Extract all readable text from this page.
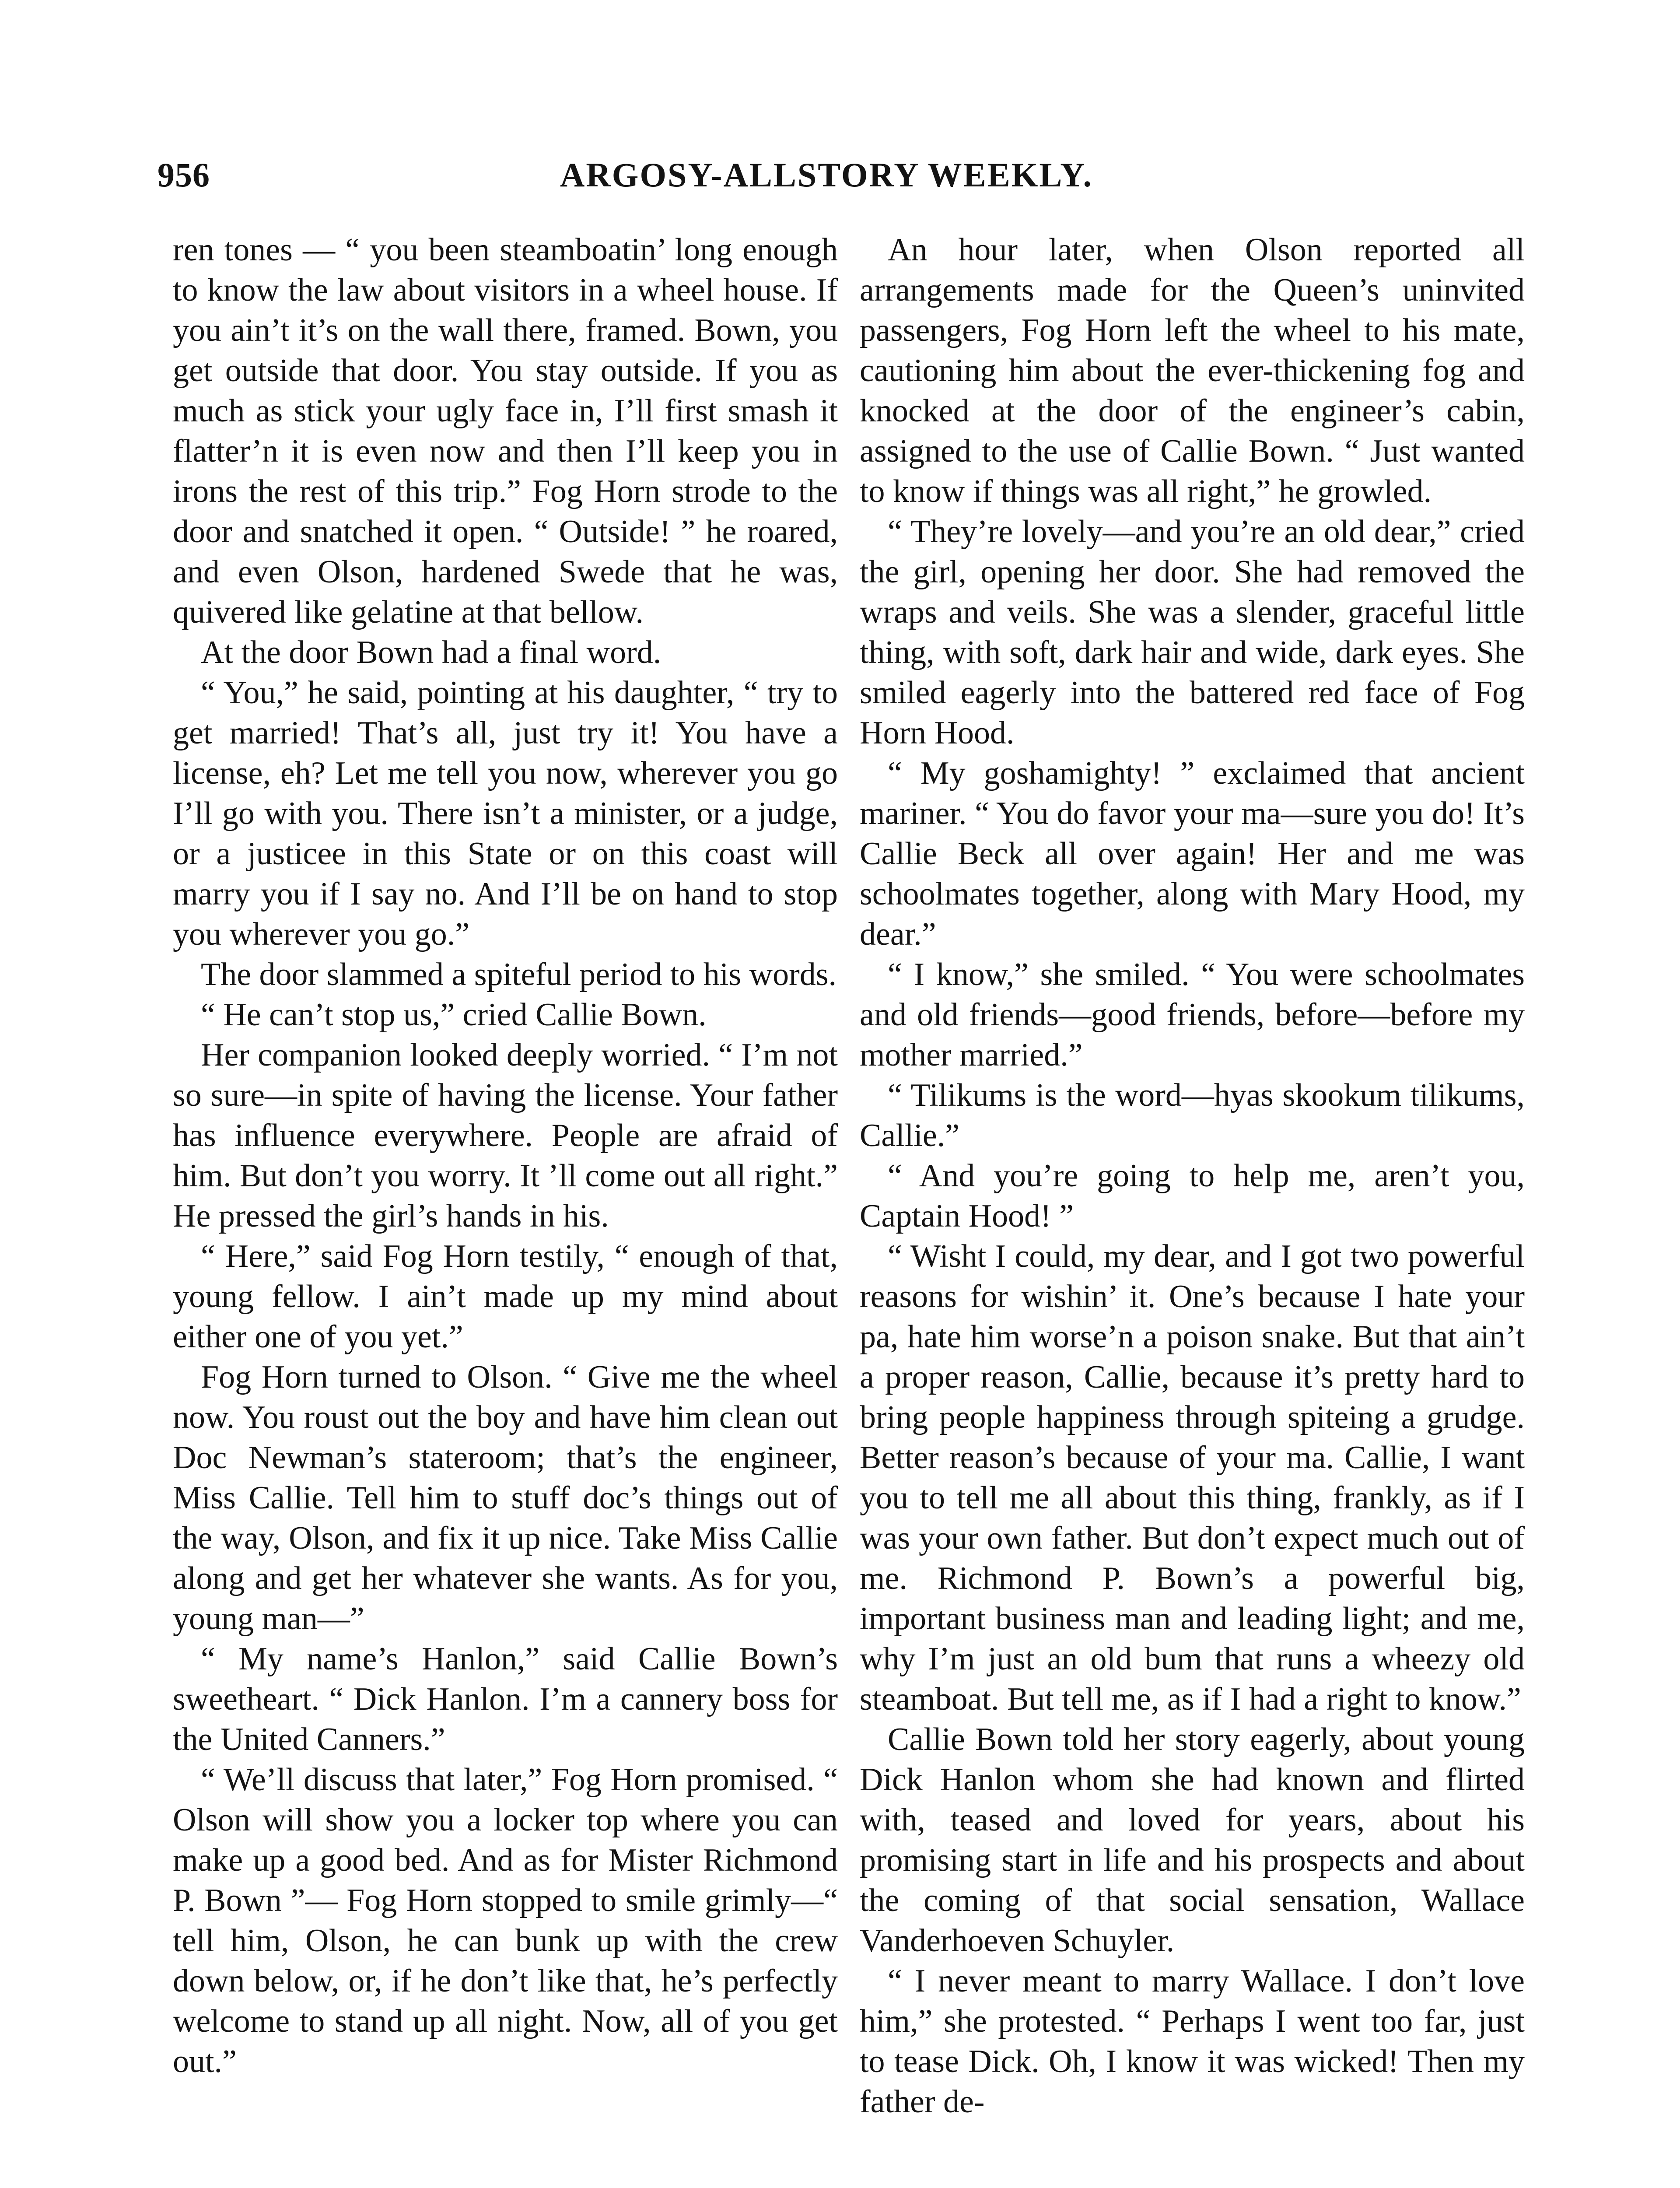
956	ARGOSY-ALLSTORY WEEKLY.

ren tones — “ you been steamboatin’ long enough to know the law about visitors in a wheel house. If you ain’t it’s on the wall there, framed. Bown, you get outside that door. You stay outside. If you as much as stick your ugly face in, I’ll first smash it flatter’n it is even now and then I’ll keep you in irons the rest of this trip.” Fog Horn strode to the door and snatched it open. “ Outside! ” he roared, and even Olson, hardened Swede that he was, quivered like gelatine at that bellow.

At the door Bown had a final word.

“ You,” he said, pointing at his daughter, “ try to get married! That’s all, just try it! You have a license, eh? Let me tell you now, wherever you go I’ll go with you. There isn’t a minister, or a judge, or a justicee in this State or on this coast will marry you if I say no. And I’ll be on hand to stop you wherever you go.”

The door slammed a spiteful period to his words.

“ He can’t stop us,” cried Callie Bown.

Her companion looked deeply worried. “ I’m not so sure—in spite of having the license. Your father has influence everywhere. People are afraid of him. But don’t you worry. It ’ll come out all right.” He pressed the girl’s hands in his.

“ Here,” said Fog Horn testily, “ enough of that, young fellow. I ain’t made up my mind about either one of you yet.”

Fog Horn turned to Olson. “ Give me the wheel now. You roust out the boy and have him clean out Doc Newman’s stateroom; that’s the engineer, Miss Callie. Tell him to stuff doc’s things out of the way, Olson, and fix it up nice. Take Miss Callie along and get her whatever she wants. As for you, young man—”

“ My name’s Hanlon,” said Callie Bown’s sweetheart. “ Dick Hanlon. I’m a cannery boss for the United Canners.”

“ We’ll discuss that later,” Fog Horn promised. “ Olson will show you a locker top where you can make up a good bed. And as for Mister Richmond P. Bown ”— Fog Horn stopped to smile grimly—“ tell him, Olson, he can bunk up with the crew down below, or, if he don’t like that, he’s perfectly welcome to stand up all night. Now, all of you get out.”

An hour later, when Olson reported all arrangements made for the Queen’s uninvited passengers, Fog Horn left the wheel to his mate, cautioning him about the ever-thickening fog and knocked at the door of the engineer’s cabin, assigned to the use of Callie Bown. “ Just wanted to know if things was all right,” he growled.

“ They’re lovely—and you’re an old dear,” cried the girl, opening her door. She had removed the wraps and veils. She was a slender, graceful little thing, with soft, dark hair and wide, dark eyes. She smiled eagerly into the battered red face of Fog Horn Hood.

“ My goshamighty! ” exclaimed that ancient mariner. “ You do favor your ma—sure you do! It’s Callie Beck all over again! Her and me was schoolmates together, along with Mary Hood, my dear.”

“ I know,” she smiled. “ You were schoolmates and old friends—good friends, before—before my mother married.”

“ Tilikums is the word—hyas skookum tilikums, Callie.”

“ And you’re going to help me, aren’t you, Captain Hood! ”

“ Wisht I could, my dear, and I got two powerful reasons for wishin’ it. One’s because I hate your pa, hate him worse’n a poison snake. But that ain’t a proper reason, Callie, because it’s pretty hard to bring people happiness through spiteing a grudge. Better reason’s because of your ma. Callie, I want you to tell me all about this thing, frankly, as if I was your own father. But don’t expect much out of me. Richmond P. Bown’s a powerful big, important business man and leading light; and me, why I’m just an old bum that runs a wheezy old steamboat. But tell me, as if I had a right to know.”

Callie Bown told her story eagerly, about young Dick Hanlon whom she had known and flirted with, teased and loved for years, about his promising start in life and his prospects and about the coming of that social sensation, Wallace Vanderhoeven Schuyler.

“ I never meant to marry Wallace. I don’t love him,” she protested. “ Perhaps I went too far, just to tease Dick. Oh, I know it was wicked! Then my father de-
